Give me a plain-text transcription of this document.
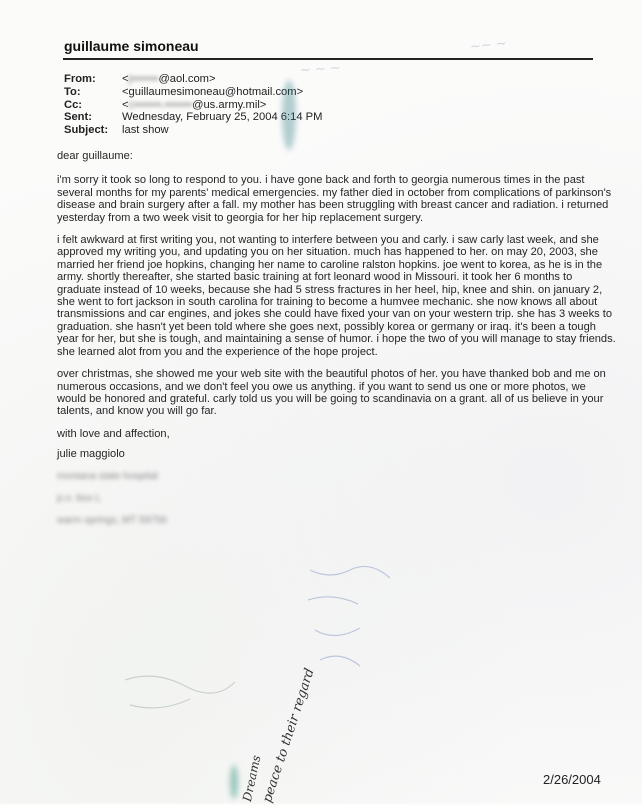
~ ~ ~
~~ ~
guillaume simoneau
From:	<j•••••••@aol.com>
To:	<guillaumesimoneau@hotmail.com>
Cc:	<c•••••••.•••••••@us.army.mil>
Sent:	Wednesday, February 25, 2004 6:14 PM
Subject:	last show

dear guillaume:

i'm sorry it took so long to respond to you. i have gone back and forth to georgia numerous times in the past several months for my parents' medical emergencies. my father died in october from complications of parkinson's disease and brain surgery after a fall. my mother has been struggling with breast cancer and radiation. i returned yesterday from a two week visit to georgia for her hip replacement surgery.

i felt awkward at first writing you, not wanting to interfere between you and carly. i saw carly last week, and she approved my writing you, and updating you on her situation. much has happened to her. on may 20, 2003, she married her friend joe hopkins, changing her name to caroline ralston hopkins. joe went to korea, as he is in the army. shortly thereafter, she started basic training at fort leonard wood in Missouri. it took her 6 months to graduate instead of 10 weeks, because she had 5 stress fractures in her heel, hip, knee and shin. on january 2, she went to fort jackson in south carolina for training to become a humvee mechanic. she now knows all about transmissions and car engines, and jokes she could have fixed your van on your western trip. she has 3 weeks to graduation. she hasn't yet been told where she goes next, possibly korea or germany or iraq. it's been a tough year for her, but she is tough, and maintaining a sense of humor. i hope the two of you will manage to stay friends. she learned alot from you and the experience of the hope project.

over christmas, she showed me your web site with the beautiful photos of her. you have thanked bob and me on numerous occasions, and we don't feel you owe us anything. if you want to send us one or more photos, we would be honored and grateful. carly told us you will be going to scandinavia on a grant. all of us believe in your talents, and know you will go far.

with love and affection,

julie maggiolo

montana state hospital

p.o. box L

warm springs, MT 59756

peace to their regard
Dreams	2/26/2004
